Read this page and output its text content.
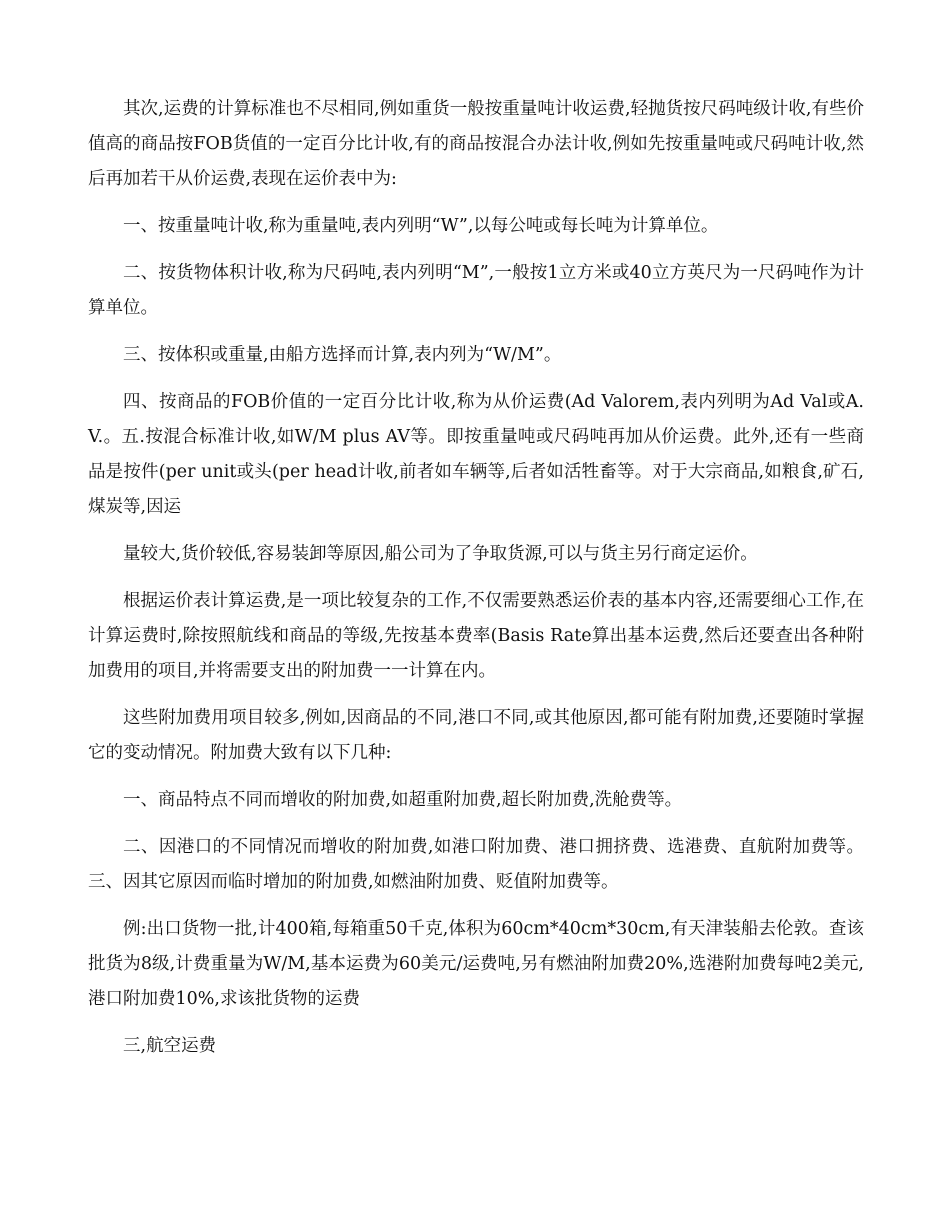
其次,运费的计算标准也不尽相同,例如重货一般按重量吨计收运费,轻抛货按尺码吨级计收,有些价值高的商品按FOB货值的一定百分比计收,有的商品按混合办法计收,例如先按重量吨或尺码吨计收,然后再加若干从价运费,表现在运价表中为:

一、按重量吨计收,称为重量吨,表内列明“W”,以每公吨或每长吨为计算单位。

二、按货物体积计收,称为尺码吨,表内列明“M”,一般按1立方米或40立方英尺为一尺码吨作为计算单位。

三、按体积或重量,由船方选择而计算,表内列为“W/M”。

四、按商品的FOB价值的一定百分比计收,称为从价运费(Ad Valorem,表内列明为Ad Val或A.V.。五.按混合标准计收,如W/M plus AV等。即按重量吨或尺码吨再加从价运费。此外,还有一些商品是按件(per unit或头(per head计收,前者如车辆等,后者如活牲畜等。对于大宗商品,如粮食,矿石,煤炭等,因运

量较大,货价较低,容易装卸等原因,船公司为了争取货源,可以与货主另行商定运价。

根据运价表计算运费,是一项比较复杂的工作,不仅需要熟悉运价表的基本内容,还需要细心工作,在计算运费时,除按照航线和商品的等级,先按基本费率(Basis Rate算出基本运费,然后还要查出各种附加费用的项目,并将需要支出的附加费一一计算在内。

这些附加费用项目较多,例如,因商品的不同,港口不同,或其他原因,都可能有附加费,还要随时掌握它的变动情况。附加费大致有以下几种:

一、商品特点不同而增收的附加费,如超重附加费,超长附加费,洗舱费等。

二、因港口的不同情况而增收的附加费,如港口附加费、港口拥挤费、选港费、直航附加费等。三、因其它原因而临时增加的附加费,如燃油附加费、贬值附加费等。

例:出口货物一批,计400箱,每箱重50千克,体积为60cm*40cm*30cm,有天津装船去伦敦。查该批货为8级,计费重量为W/M,基本运费为60美元/运费吨,另有燃油附加费20%,选港附加费每吨2美元,港口附加费10%,求该批货物的运费

三,航空运费
